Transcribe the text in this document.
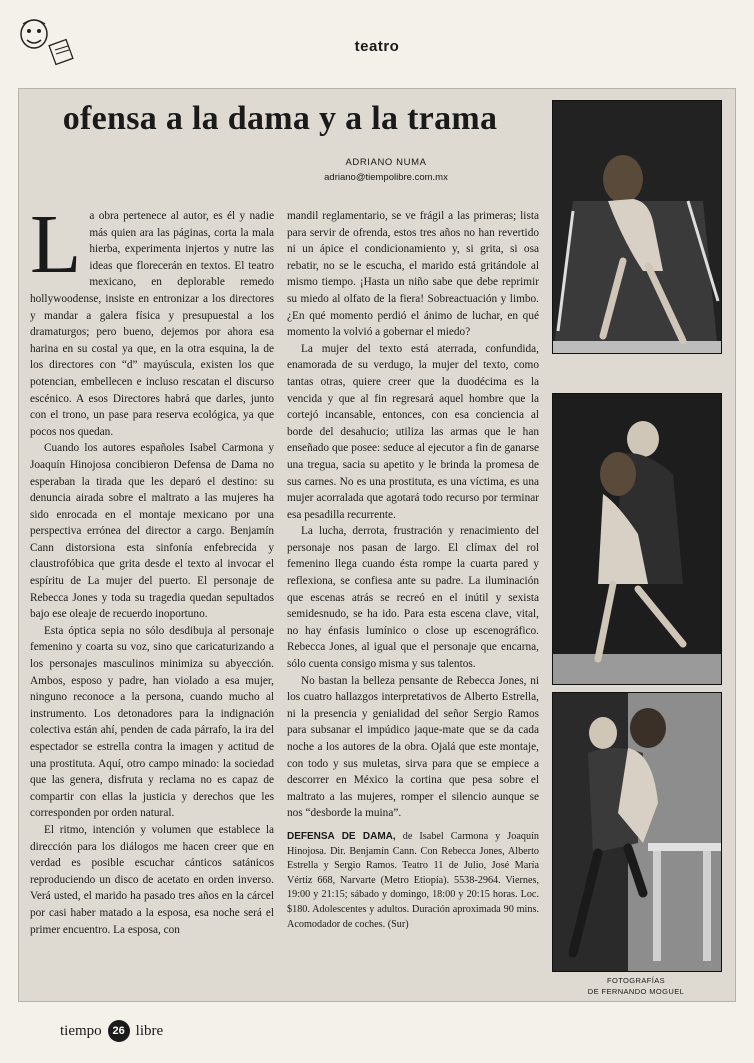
teatro
ofensa a la dama y a la trama
ADRIANO NUMA
adriano@tiempolibre.com.mx

La obra pertenece al autor, es él y nadie más quien ara las páginas, corta la mala hierba, experimenta injertos y nutre las ideas que florecerán en textos. El teatro mexicano, en deplorable remedo hollywoodense, insiste en entronizar a los directores y mandar a galera física y presupuestal a los dramaturgos; pero bueno, dejemos por ahora esa harina en su costal ya que, en la otra esquina, la de los directores con “d” mayúscula, existen los que potencian, embellecen e incluso rescatan el discurso escénico. A esos Directores habrá que darles, junto con el trono, un pase para reserva ecológica, ya que pocos nos quedan.

Cuando los autores españoles Isabel Carmona y Joaquín Hinojosa concibieron Defensa de Dama no esperaban la tirada que les deparó el destino: su denuncia airada sobre el maltrato a las mujeres ha sido enrocada en el montaje mexicano por una perspectiva errónea del director a cargo. Benjamín Cann distorsiona esta sinfonía enfebrecida y claustrofóbica que grita desde el texto al invocar el espíritu de La mujer del puerto. El personaje de Rebecca Jones y toda su tragedia quedan sepultados bajo ese oleaje de recuerdo inoportuno.

Esta óptica sepia no sólo desdibuja al personaje femenino y coarta su voz, sino que caricaturizando a los personajes masculinos minimiza su abyección. Ambos, esposo y padre, han violado a esa mujer, ninguno reconoce a la persona, cuando mucho al instrumento. Los detonadores para la indignación colectiva están ahí, penden de cada párrafo, la ira del espectador se estrella contra la imagen y actitud de una prostituta. Aquí, otro campo minado: la sociedad que las genera, disfruta y reclama no es capaz de compartir con ellas la justicia y derechos que les corresponden por orden natural.

El ritmo, intención y volumen que establece la dirección para los diálogos me hacen creer que en verdad es posible escuchar cánticos satánicos reproduciendo un disco de acetato en orden inverso. Verá usted, el marido ha pasado tres años en la cárcel por casi haber matado a la esposa, esa noche será el primer encuentro. La esposa, con

mandil reglamentario, se ve frágil a las primeras; lista para servir de ofrenda, estos tres años no han revertido ni un ápice el condicionamiento y, si grita, si osa rebatir, no se le escucha, el marido está gritándole al mismo tiempo. ¡Hasta un niño sabe que debe reprimir su miedo al olfato de la fiera! Sobreactuación y limbo. ¿En qué momento perdió el ánimo de luchar, en qué momento la volvió a gobernar el miedo?

La mujer del texto está aterrada, confundida, enamorada de su verdugo, la mujer del texto, como tantas otras, quiere creer que la duodécima es la vencida y que al fin regresará aquel hombre que la cortejó incansable, entonces, con esa conciencia al borde del desahucio; utiliza las armas que le han enseñado que posee: seduce al ejecutor a fin de ganarse una tregua, sacia su apetito y le brinda la promesa de sus carnes. No es una prostituta, es una víctima, es una mujer acorralada que agotará todo recurso por terminar esa pesadilla recurrente.

La lucha, derrota, frustración y renacimiento del personaje nos pasan de largo. El clímax del rol femenino llega cuando ésta rompe la cuarta pared y reflexiona, se confiesa ante su padre. La iluminación que escenas atrás se recreó en el inútil y sexista semidesnudo, se ha ido. Para esta escena clave, vital, no hay énfasis lumínico o close up escenográfico. Rebecca Jones, al igual que el personaje que encarna, sólo cuenta consigo misma y sus talentos.

No bastan la belleza pensante de Rebecca Jones, ni los cuatro hallazgos interpretativos de Alberto Estrella, ni la presencia y genialidad del señor Sergio Ramos para subsanar el impúdico jaque-mate que se da cada noche a los autores de la obra. Ojalá que este montaje, con todo y sus muletas, sirva para que se empiece a descorrer en México la cortina que pesa sobre el maltrato a las mujeres, romper el silencio aunque se nos “desborde la muina”.

DEFENSA DE DAMA, de Isabel Carmona y Joaquín Hinojosa. Dir. Benjamín Cann. Con Rebecca Jones, Alberto Estrella y Sergio Ramos. Teatro 11 de Julio, José María Vértiz 668, Narvarte (Metro Etiopía). 5538-2964. Viernes, 19:00 y 21:15; sábado y domingo, 18:00 y 20:15 horas. Loc. $180. Adolescentes y adultos. Duración aproximada 90 mins. Acomodador de coches. (Sur)
FOTOGRAFÍAS
DE FERNANDO MOGUEL
tiempo 26 libre
